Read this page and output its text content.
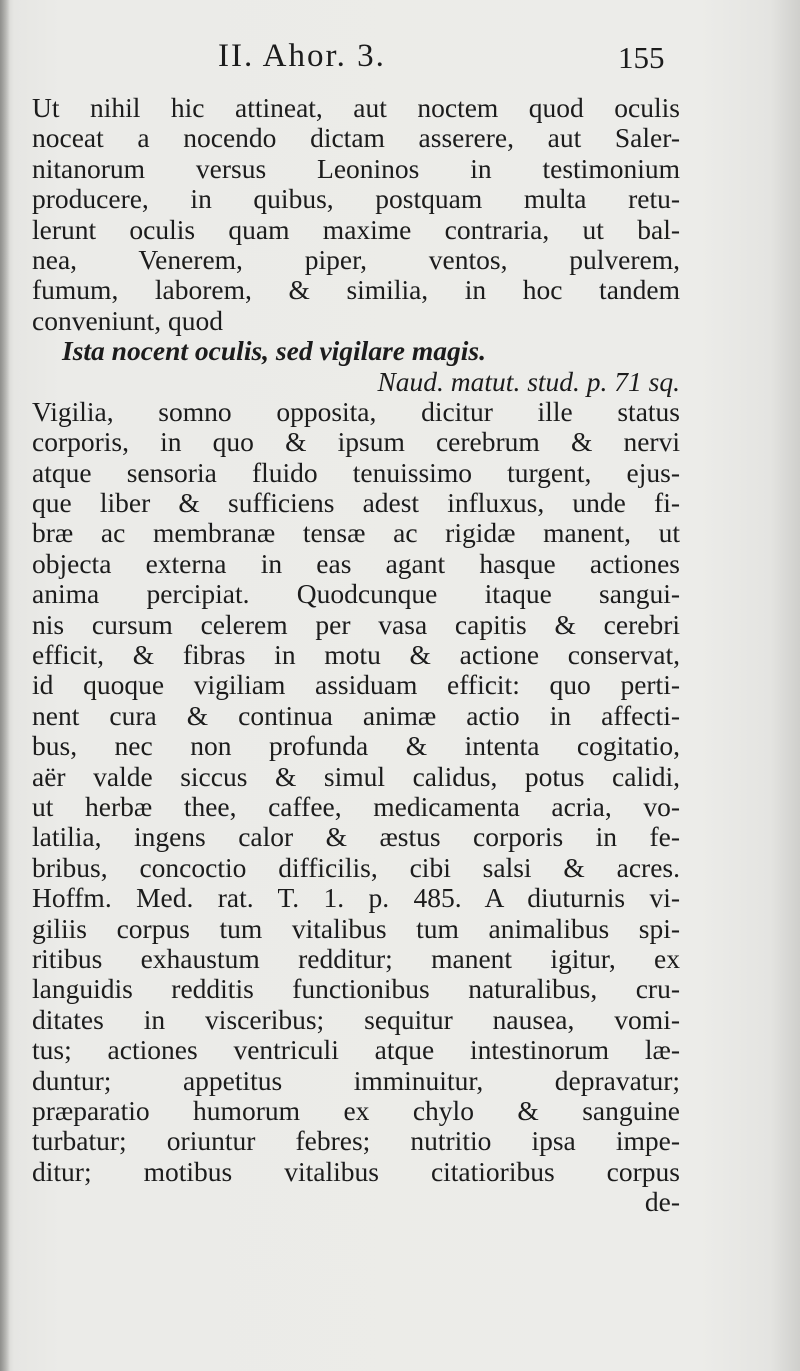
II. Ahor. 3.	155
Ut nihil hic attineat, aut noctem quod oculis
noceat a nocendo dictam asserere, aut Saler-
nitanorum versus Leoninos in testimonium
producere, in quibus, postquam multa retu-
lerunt oculis quam maxime contraria, ut bal-
nea, Venerem, piper, ventos, pulverem,
fumum, laborem, & similia, in hoc tandem
conveniunt, quod
Ista nocent oculis, sed vigilare magis.
Naud. matut. stud. p. 71 sq.
Vigilia, somno opposita, dicitur ille status
corporis, in quo & ipsum cerebrum & nervi
atque sensoria fluido tenuissimo turgent, ejus-
que liber & sufficiens adest influxus, unde fi-
bræ ac membranæ tensæ ac rigidæ manent, ut
objecta externa in eas agant hasque actiones
anima percipiat. Quodcunque itaque sangui-
nis cursum celerem per vasa capitis & cerebri
efficit, & fibras in motu & actione conservat,
id quoque vigiliam assiduam efficit: quo perti-
nent cura & continua animæ actio in affecti-
bus, nec non profunda & intenta cogitatio,
aër valde siccus & simul calidus, potus calidi,
ut herbæ thee, caffee, medicamenta acria, vo-
latilia, ingens calor & æstus corporis in fe-
bribus, concoctio difficilis, cibi salsi & acres.
Hoffm. Med. rat. T. 1. p. 485. A diuturnis vi-
giliis corpus tum vitalibus tum animalibus spi-
ritibus exhaustum redditur; manent igitur, ex
languidis redditis functionibus naturalibus, cru-
ditates in visceribus; sequitur nausea, vomi-
tus; actiones ventriculi atque intestinorum læ-
duntur; appetitus imminuitur, depravatur;
præparatio humorum ex chylo & sanguine
turbatur; oriuntur febres; nutritio ipsa impe-
ditur; motibus vitalibus citatioribus corpus
de-
